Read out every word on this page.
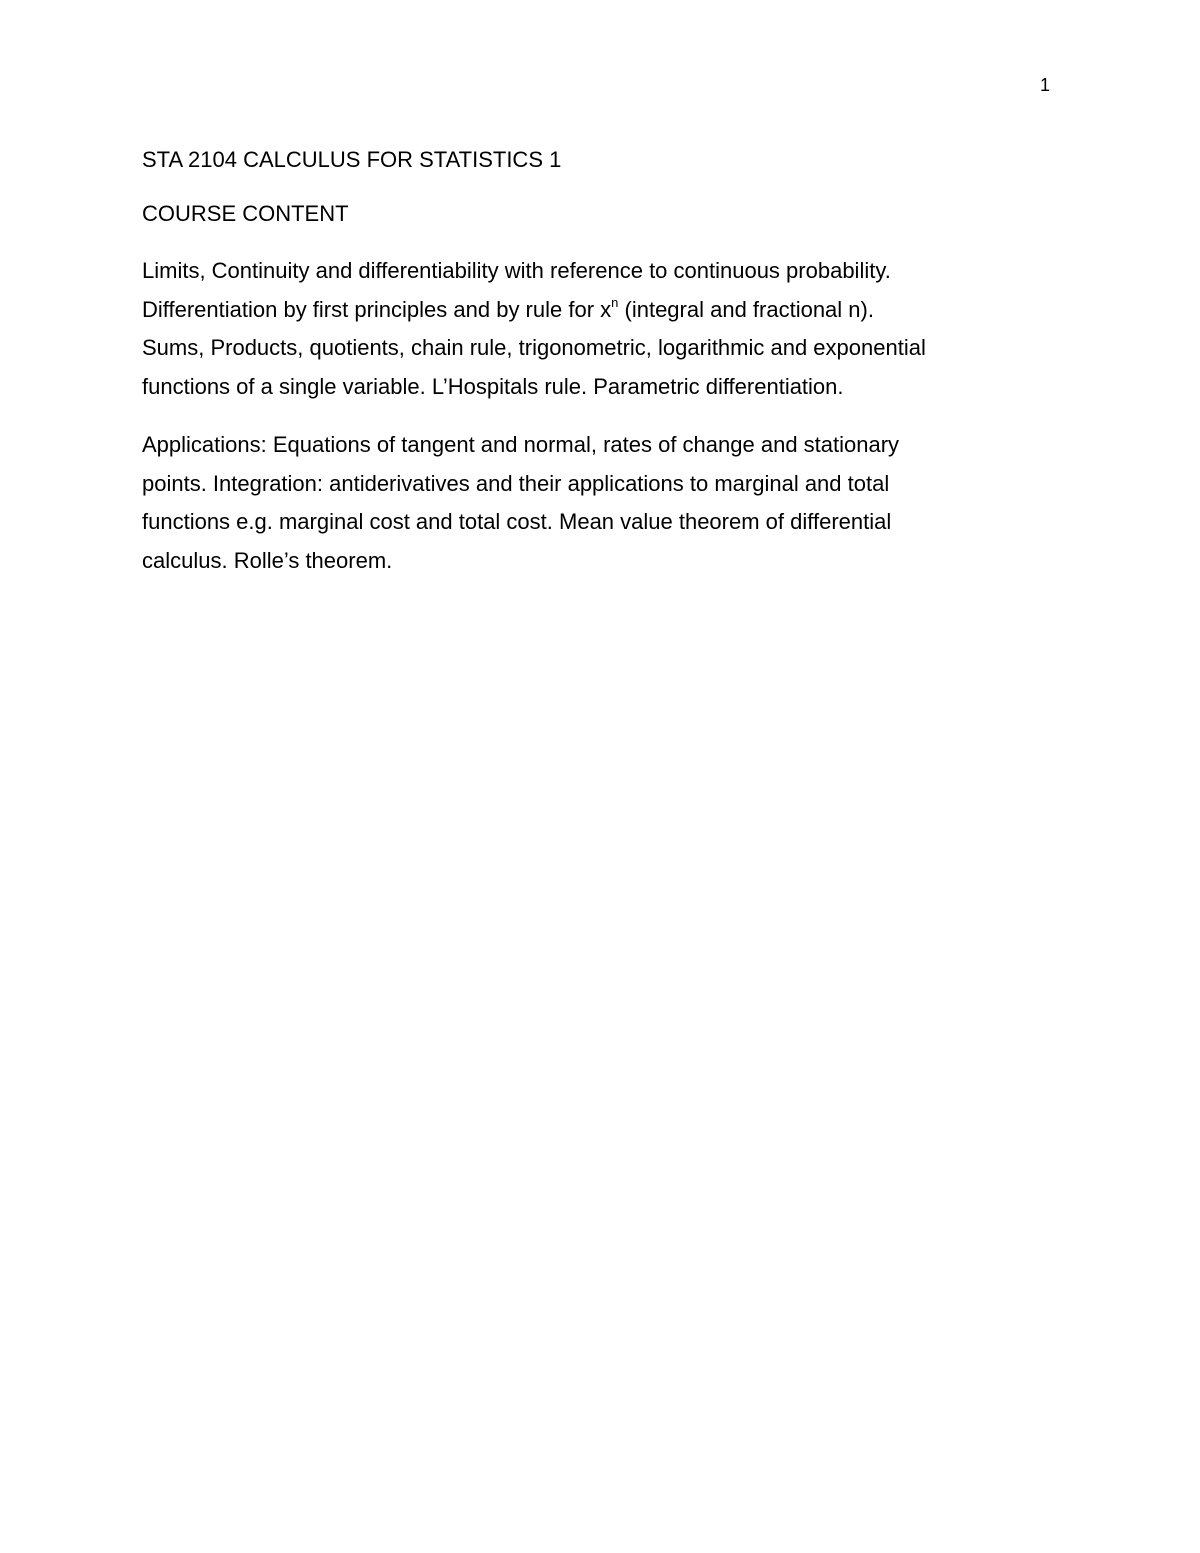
1
STA 2104 CALCULUS FOR STATISTICS 1
COURSE CONTENT
Limits, Continuity and differentiability with reference to continuous probability.
Differentiation by first principles and by rule for $x^n$ (integral and fractional n).
Sums, Products, quotients, chain rule, trigonometric, logarithmic and exponential
functions of a single variable. L’Hospitals rule. Parametric differentiation.
Applications: Equations of tangent and normal, rates of change and stationary
points. Integration: antiderivatives and their applications to marginal and total
functions e.g. marginal cost and total cost. Mean value theorem of differential
calculus. Rolle’s theorem.
